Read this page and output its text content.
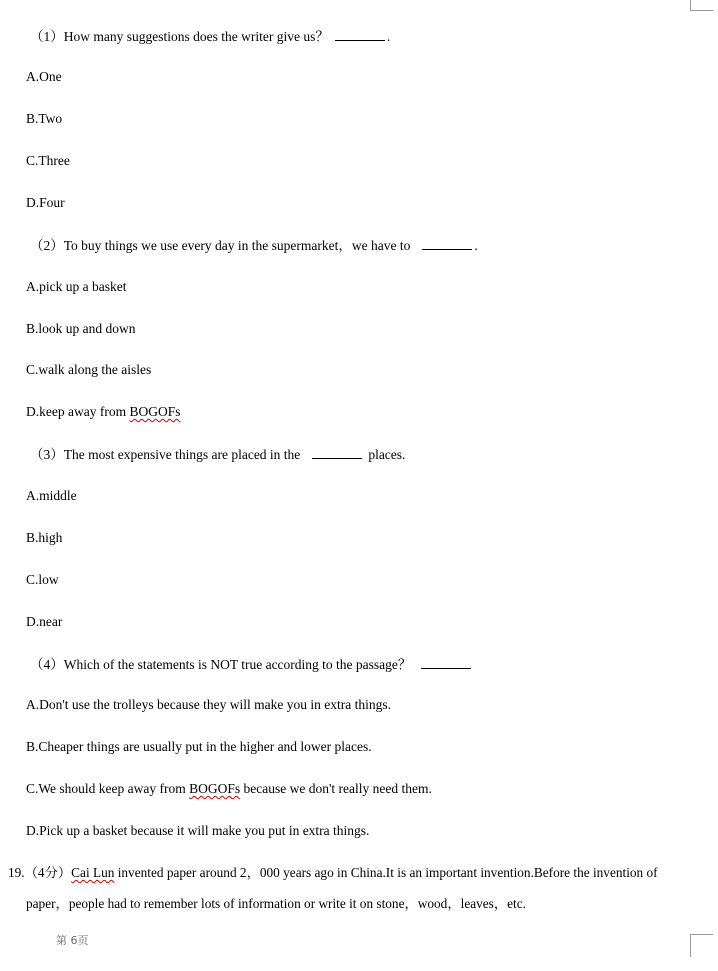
（1）How many suggestions does the writer give us？	.
A.One
B.Two
C.Three
D.Four
（2）To buy things we use every day in the supermarket，we have to	.
A.pick up a basket
B.look up and down
C.walk along the aisles
D.keep away from BOGOFs
（3）The most expensive things are placed in the	places.
A.middle
B.high
C.low
D.near
（4）Which of the statements is NOT true according to the passage？
A.Don't use the trolleys because they will make you in extra things.
B.Cheaper things are usually put in the higher and lower places.
C.We should keep away from BOGOFs because we don't really need them.
D.Pick up a basket because it will make you put in extra things.
19.（4分）Cai Lun invented paper around 2，000 years ago in China.It is an important invention.Before the invention of
paper，people had to remember lots of information or write it on stone，wood，leaves，etc.
第 6页
